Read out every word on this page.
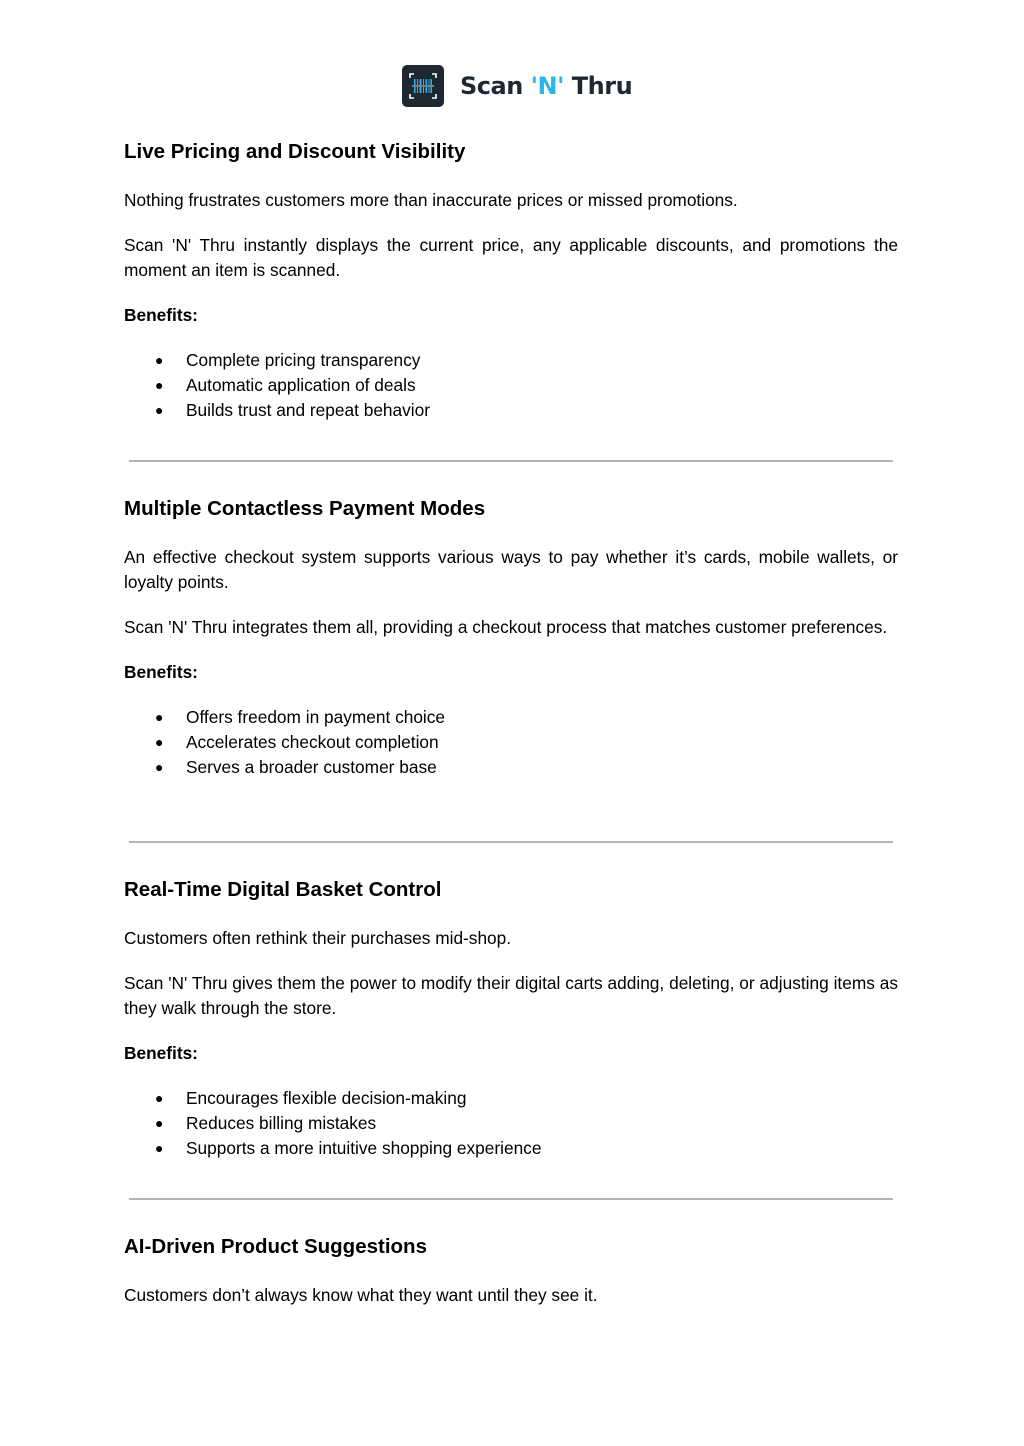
Scan 'N' Thru
Live Pricing and Discount Visibility

Nothing frustrates customers more than inaccurate prices or missed promotions.

Scan 'N' Thru instantly displays the current price, any applicable discounts, and promotions the moment an item is scanned.

Benefits:
● Complete pricing transparency
● Automatic application of deals
● Builds trust and repeat behavior
Multiple Contactless Payment Modes

An effective checkout system supports various ways to pay whether it’s cards, mobile wallets, or loyalty points.

Scan 'N' Thru integrates them all, providing a checkout process that matches customer preferences.

Benefits:
● Offers freedom in payment choice
● Accelerates checkout completion
● Serves a broader customer base
Real-Time Digital Basket Control

Customers often rethink their purchases mid-shop.

Scan 'N' Thru gives them the power to modify their digital carts adding, deleting, or adjusting items as they walk through the store.

Benefits:
● Encourages flexible decision-making
● Reduces billing mistakes
● Supports a more intuitive shopping experience
AI-Driven Product Suggestions

Customers don’t always know what they want until they see it.
